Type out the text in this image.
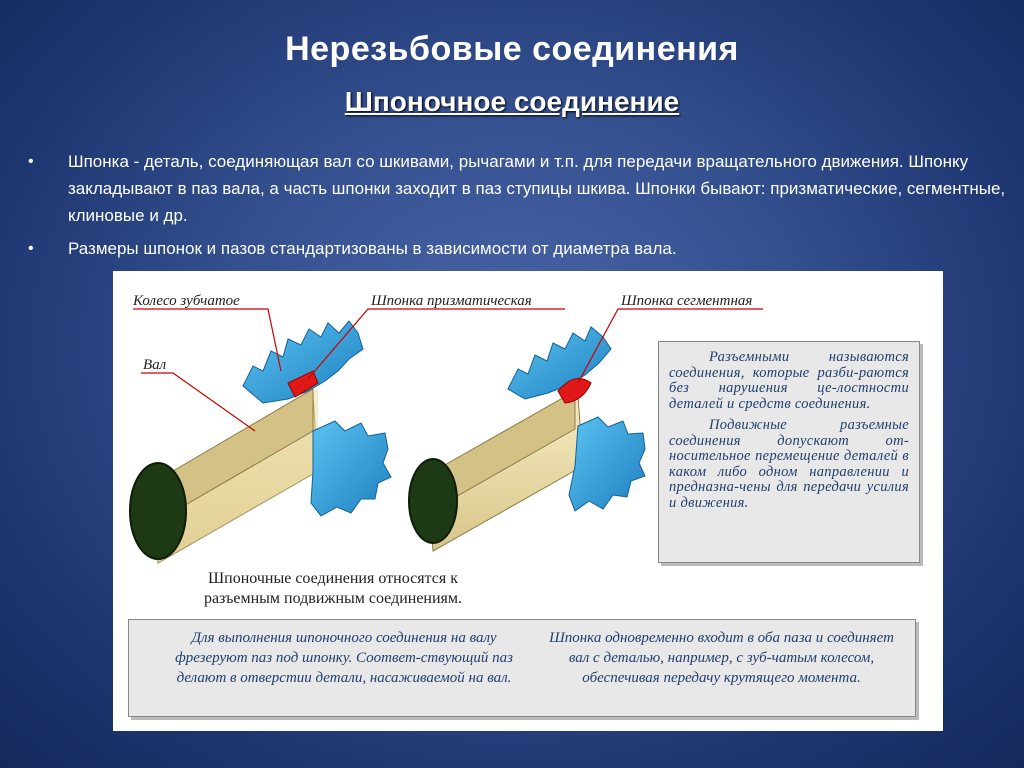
Нерезьбовые соединения
Шпоночное соединение
• Шпонка - деталь, соединяющая вал со шкивами, рычагами и т.п. для передачи вращательного движения. Шпонку закладывают в паз вала, а часть шпонки заходит в паз ступицы шкива. Шпонки бывают: призматические, сегментные, клиновые и др.
• Размеры шпонок и пазов стандартизованы в зависимости от диаметра вала.
Колесо зубчатое
Вал
Шпонка призматическая	Шпонка сегментная
Шпоночные соединения относятся к
разъемным подвижным соединениям.

Разъемными называются соединения, которые разби-раются без нарушения це-лостности деталей и средств соединения.

Подвижные разъемные соединения допускают от-носительное перемещение деталей в каком либо одном направлении и предназна-чены для передачи усилия и движения.

Для выполнения шпоночного соединения на валу фрезеруют паз под шпонку. Соответ-ствующий паз делают в отверстии детали, насаживаемой на вал.
Шпонка одновременно входит в оба паза и соединяет вал с деталью, например, с зуб-чатым колесом, обеспечивая передачу крутящего момента.
